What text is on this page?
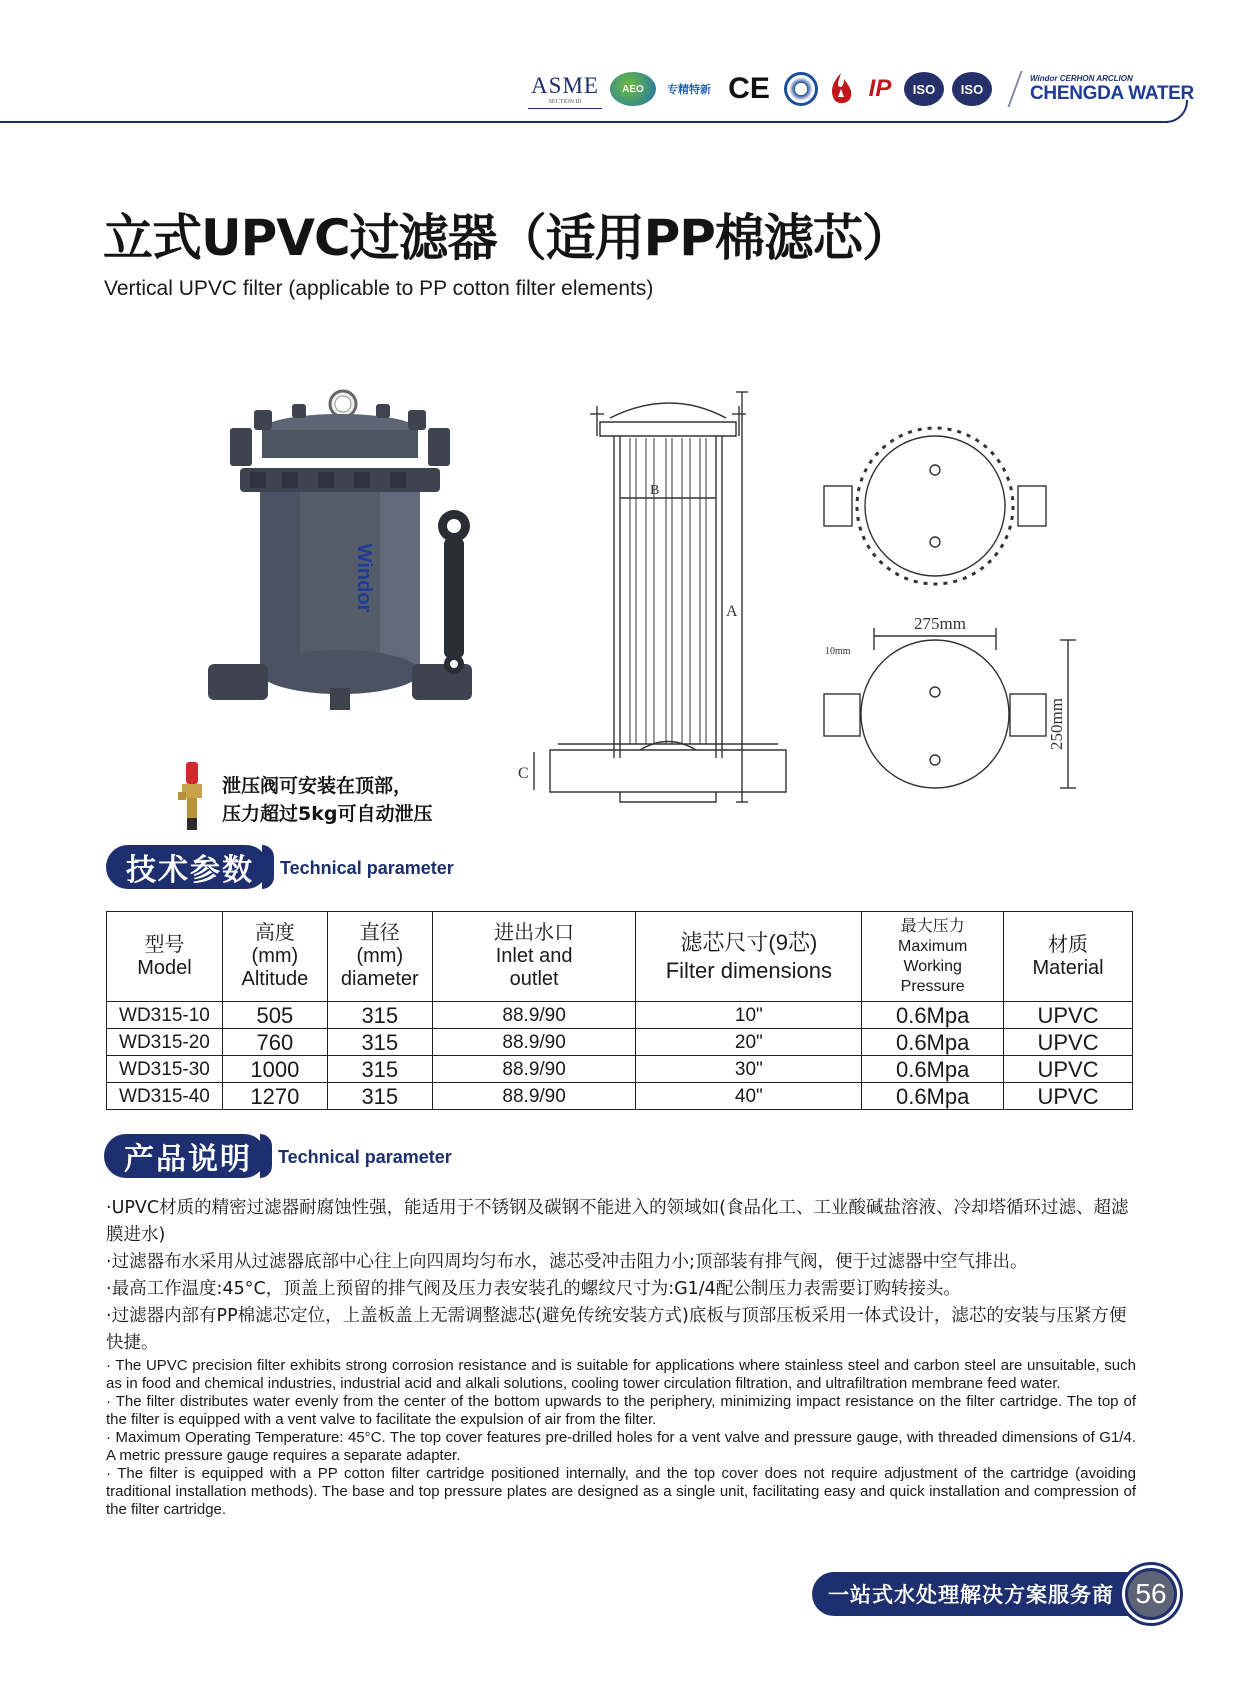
ASME
SECTION III
AEO 专精特新 CE	IP ISO ISO
Windor CERHON ARCLION
CHENGDA WATER
立式UPVC过滤器（适用PP棉滤芯）
Vertical UPVC filter (applicable to PP cotton filter elements)
Windor
泄压阀可安装在顶部，
压力超过5kg可自动泄压
B
A
C
275mm
10mm
250mm
技术参数	Technical parameter
型号
Model	高度
(mm)
Altitude	直径
(mm)
diameter	进出水口
Inlet and
outlet	滤芯尺寸(9芯)
Filter dimensions	最大压力
Maximum
Working
Pressure	材质
Material

WD315-10	505	315	88.9/90	10"	0.6Mpa	UPVC
WD315-20	760	315	88.9/90	20"	0.6Mpa	UPVC
WD315-30	1000	315	88.9/90	30"	0.6Mpa	UPVC
WD315-40	1270	315	88.9/90	40"	0.6Mpa	UPVC
产品说明	Technical parameter

·UPVC材质的精密过滤器耐腐蚀性强，能适用于不锈钢及碳钢不能进入的领域如(食品化工、工业酸碱盐溶液、冷却塔循环过滤、超滤膜进水)

·过滤器布水采用从过滤器底部中心往上向四周均匀布水，滤芯受冲击阻力小;顶部装有排气阀，便于过滤器中空气排出。

·最高工作温度:45°C，顶盖上预留的排气阀及压力表安装孔的螺纹尺寸为:G1/4配公制压力表需要订购转接头。

·过滤器内部有PP棉滤芯定位，上盖板盖上无需调整滤芯(避免传统安装方式)底板与顶部压板采用一体式设计，滤芯的安装与压紧方便快捷。

· The UPVC precision filter exhibits strong corrosion resistance and is suitable for applications where stainless steel and carbon steel are unsuitable, such as in food and chemical industries, industrial acid and alkali solutions, cooling tower circulation filtration, and ultrafiltration membrane feed water.

· The filter distributes water evenly from the center of the bottom upwards to the periphery, minimizing impact resistance on the filter cartridge. The top of the filter is equipped with a vent valve to facilitate the expulsion of air from the filter.

· Maximum Operating Temperature: 45°C. The top cover features pre-drilled holes for a vent valve and pressure gauge, with threaded dimensions of G1/4. A metric pressure gauge requires a separate adapter.

· The filter is equipped with a PP cotton filter cartridge positioned internally, and the top cover does not require adjustment of the cartridge (avoiding traditional installation methods). The base and top pressure plates are designed as a single unit, facilitating easy and quick installation and compression of the filter cartridge.

一站式水处理解决方案服务商 56
